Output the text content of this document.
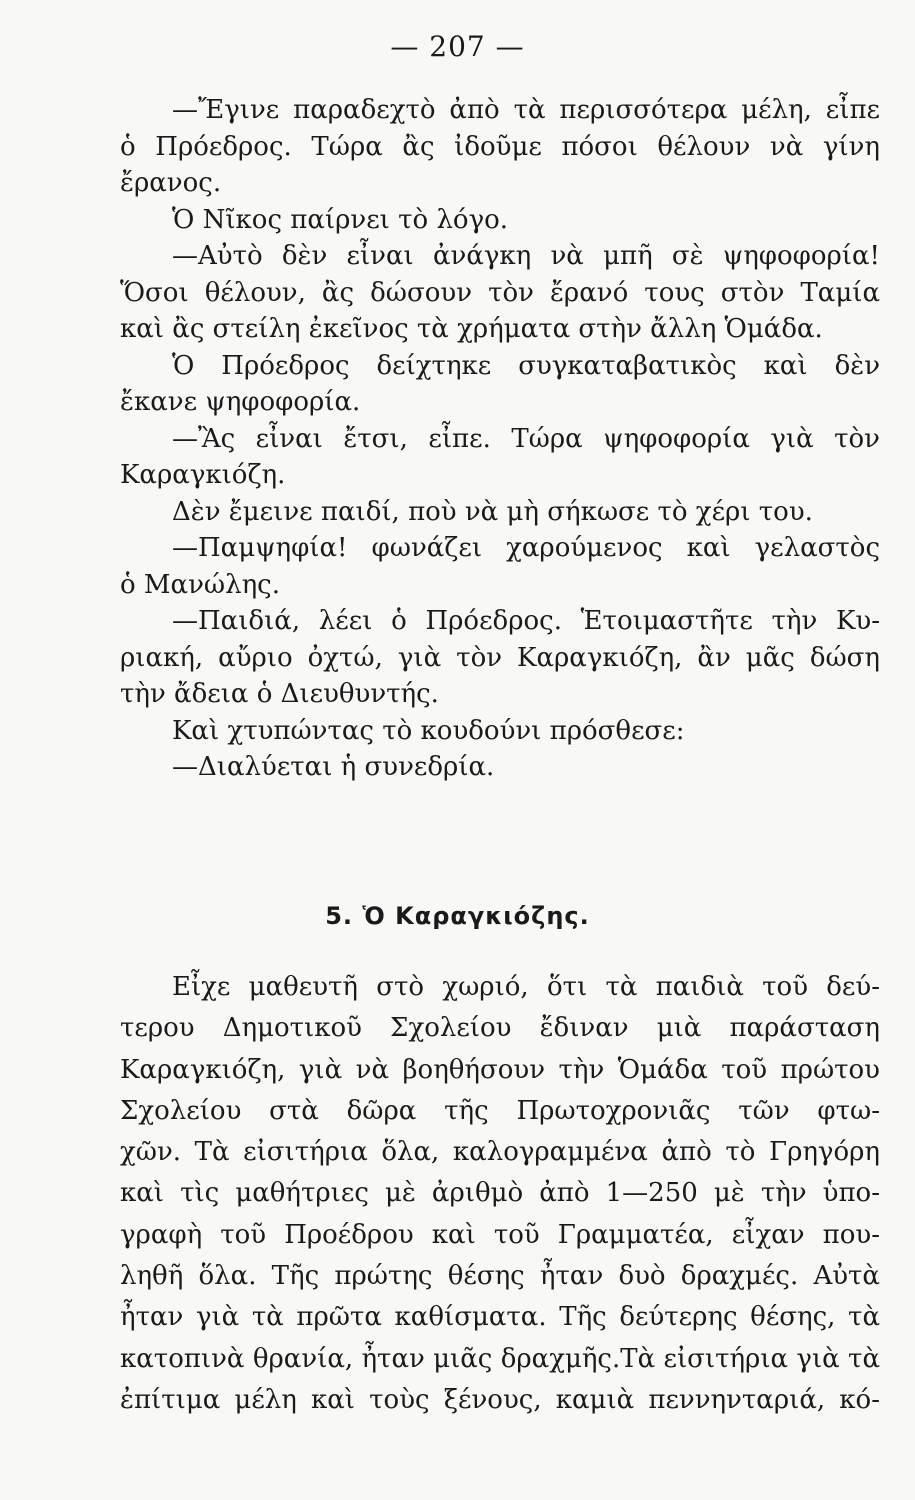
— 207 —
—Ἔγινε παραδεχτὸ ἀπὸ τὰ περισσότερα μέλη, εἶπε
ὁ Πρόεδρος. Τώρα ἂς ἰδοῦμε πόσοι θέλουν νὰ γίνη
ἔρανος.
Ὁ Νῖκος παίρνει τὸ λόγο.
—Αὐτὸ δὲν εἶναι ἀνάγκη νὰ μπῆ σὲ ψηφοφορία!
Ὅσοι θέλουν, ἂς δώσουν τὸν ἔρανό τους στὸν Ταμία
καὶ ἂς στείλη ἐκεῖνος τὰ χρήματα στὴν ἄλλη Ὁμάδα.
Ὁ Πρόεδρος δείχτηκε συγκαταβατικὸς καὶ δὲν
ἔκανε ψηφοφορία.
—Ἂς εἶναι ἔτσι, εἶπε. Τώρα ψηφοφορία γιὰ τὸν
Καραγκιόζη.
Δὲν ἔμεινε παιδί, ποὺ νὰ μὴ σήκωσε τὸ χέρι του.
—Παμψηφία! φωνάζει χαρούμενος καὶ γελαστὸς
ὁ Μανώλης.
—Παιδιά, λέει ὁ Πρόεδρος. Ἑτοιμαστῆτε τὴν Κυ-
ριακή, αὔριο ὀχτώ, γιὰ τὸν Καραγκιόζη, ἂν μᾶς δώση
τὴν ἄδεια ὁ Διευθυντής.
Καὶ χτυπώντας τὸ κουδούνι πρόσθεσε:
—Διαλύεται ἡ συνεδρία.
5. Ὁ Καραγκιόζης.
Εἶχε μαθευτῆ στὸ χωριό, ὅτι τὰ παιδιὰ τοῦ δεύ-
τερου Δημοτικοῦ Σχολείου ἔδιναν μιὰ παράσταση
Καραγκιόζη, γιὰ νὰ βοηθήσουν τὴν Ὁμάδα τοῦ πρώτου
Σχολείου στὰ δῶρα τῆς Πρωτοχρονιᾶς τῶν φτω-
χῶν. Τὰ εἰσιτήρια ὅλα, καλογραμμένα ἀπὸ τὸ Γρηγόρη
καὶ τὶς μαθήτριες μὲ ἀριθμὸ ἀπὸ 1—250 μὲ τὴν ὑπο-
γραφὴ τοῦ Προέδρου καὶ τοῦ Γραμματέα, εἶχαν που-
ληθῆ ὅλα. Τῆς πρώτης θέσης ἦταν δυὸ δραχμές. Αὐτὰ
ἦταν γιὰ τὰ πρῶτα καθίσματα. Τῆς δεύτερης θέσης, τὰ
κατοπινὰ θρανία, ἦταν μιᾶς δραχμῆς.Τὰ εἰσιτήρια γιὰ τὰ
ἐπίτιμα μέλη καὶ τοὺς ξένους, καμιὰ πεννηνταριά, κό-
